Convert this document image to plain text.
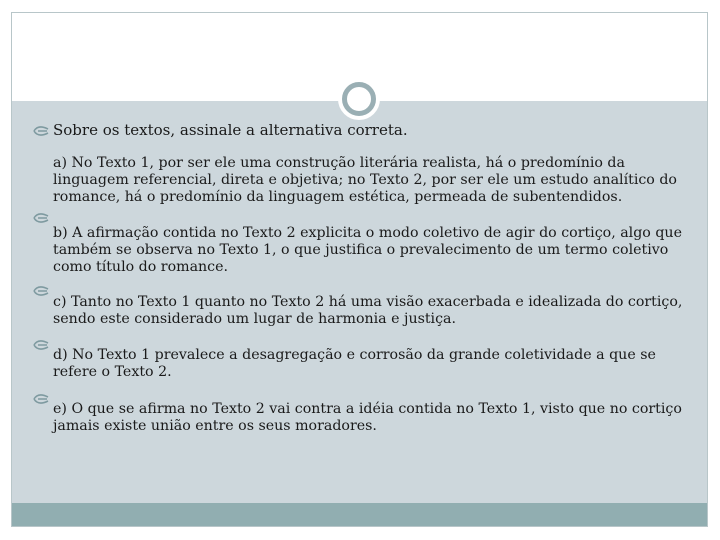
Sobre os textos, assinale a alternativa correta.

a) No Texto 1, por ser ele uma construção literária realista, há o predomínio da linguagem referencial, direta e objetiva; no Texto 2, por ser ele um estudo analítico do romance, há o predomínio da linguagem estética, permeada de subentendidos.

b) A afirmação contida no Texto 2 explicita o modo coletivo de agir do cortiço, algo que também se observa no Texto 1, o que justifica o prevalecimento de um termo coletivo como título do romance.

c) Tanto no Texto 1 quanto no Texto 2 há uma visão exacerbada e idealizada do cortiço, sendo este considerado um lugar de harmonia e justiça.

d) No Texto 1 prevalece a desagregação e corrosão da grande coletividade a que se refere o Texto 2.

e) O que se afirma no Texto 2 vai contra a idéia contida no Texto 1, visto que no cortiço jamais existe união entre os seus moradores.
